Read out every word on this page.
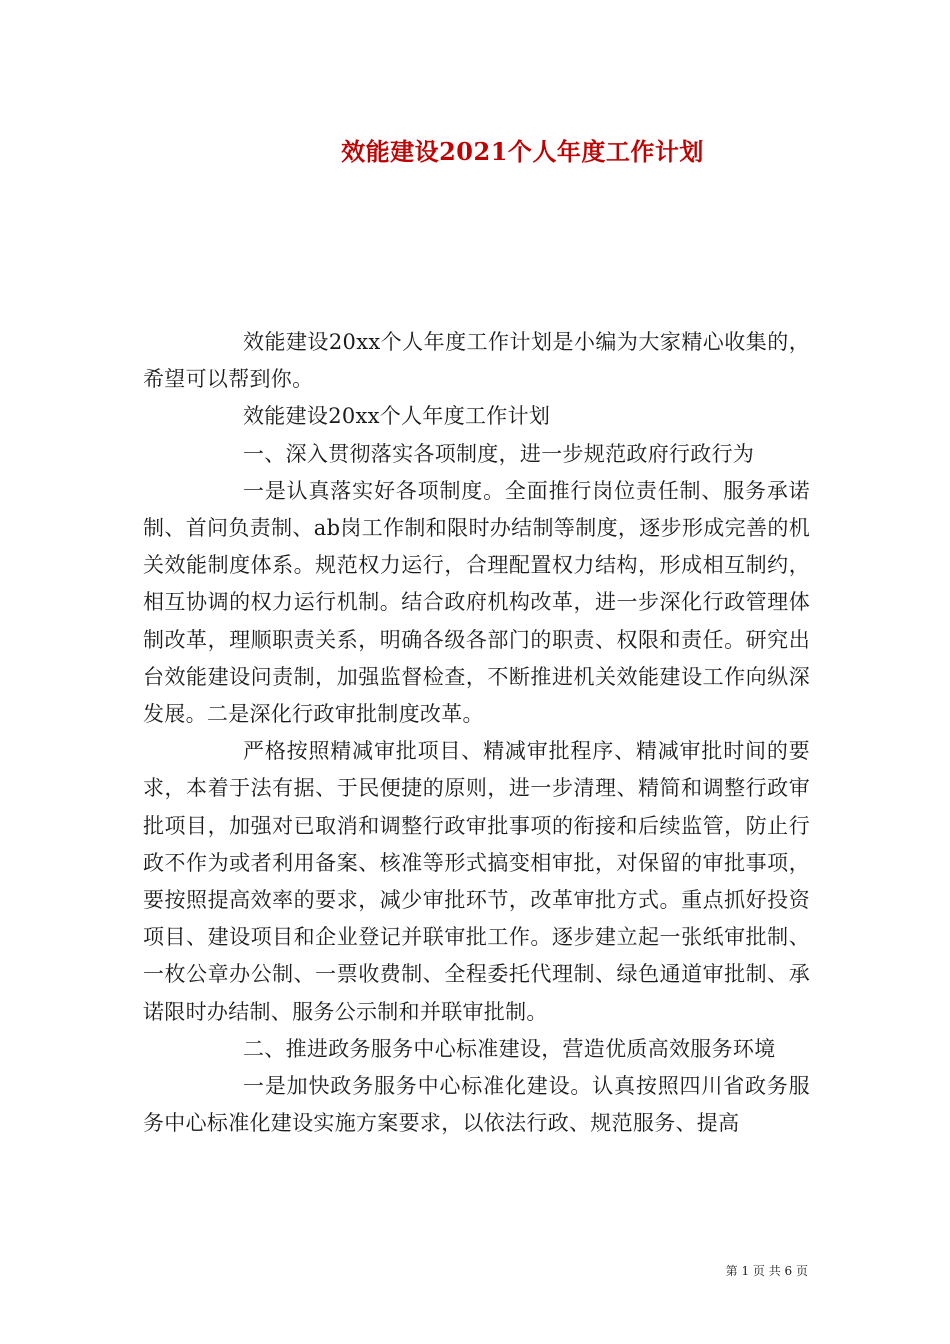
效能建设2021个人年度工作计划

效能建设20xx个人年度工作计划是小编为大家精心收集的，希望可以帮到你。

效能建设20xx个人年度工作计划

一、深入贯彻落实各项制度，进一步规范政府行政行为

一是认真落实好各项制度。全面推行岗位责任制、服务承诺制、首问负责制、ab岗工作制和限时办结制等制度，逐步形成完善的机关效能制度体系。规范权力运行，合理配置权力结构，形成相互制约，相互协调的权力运行机制。结合政府机构改革，进一步深化行政管理体制改革，理顺职责关系，明确各级各部门的职责、权限和责任。研究出台效能建设问责制，加强监督检查，不断推进机关效能建设工作向纵深发展。二是深化行政审批制度改革。

严格按照精减审批项目、精减审批程序、精减审批时间的要求，本着于法有据、于民便捷的原则，进一步清理、精简和调整行政审批项目，加强对已取消和调整行政审批事项的衔接和后续监管，防止行政不作为或者利用备案、核准等形式搞变相审批，对保留的审批事项，要按照提高效率的要求，减少审批环节，改革审批方式。重点抓好投资项目、建设项目和企业登记并联审批工作。逐步建立起一张纸审批制、一枚公章办公制、一票收费制、全程委托代理制、绿色通道审批制、承诺限时办结制、服务公示制和并联审批制。

二、推进政务服务中心标准建设，营造优质高效服务环境

一是加快政务服务中心标准化建设。认真按照四川省政务服务中心标准化建设实施方案要求，以依法行政、规范服务、提高

第 1 页 共 6 页
